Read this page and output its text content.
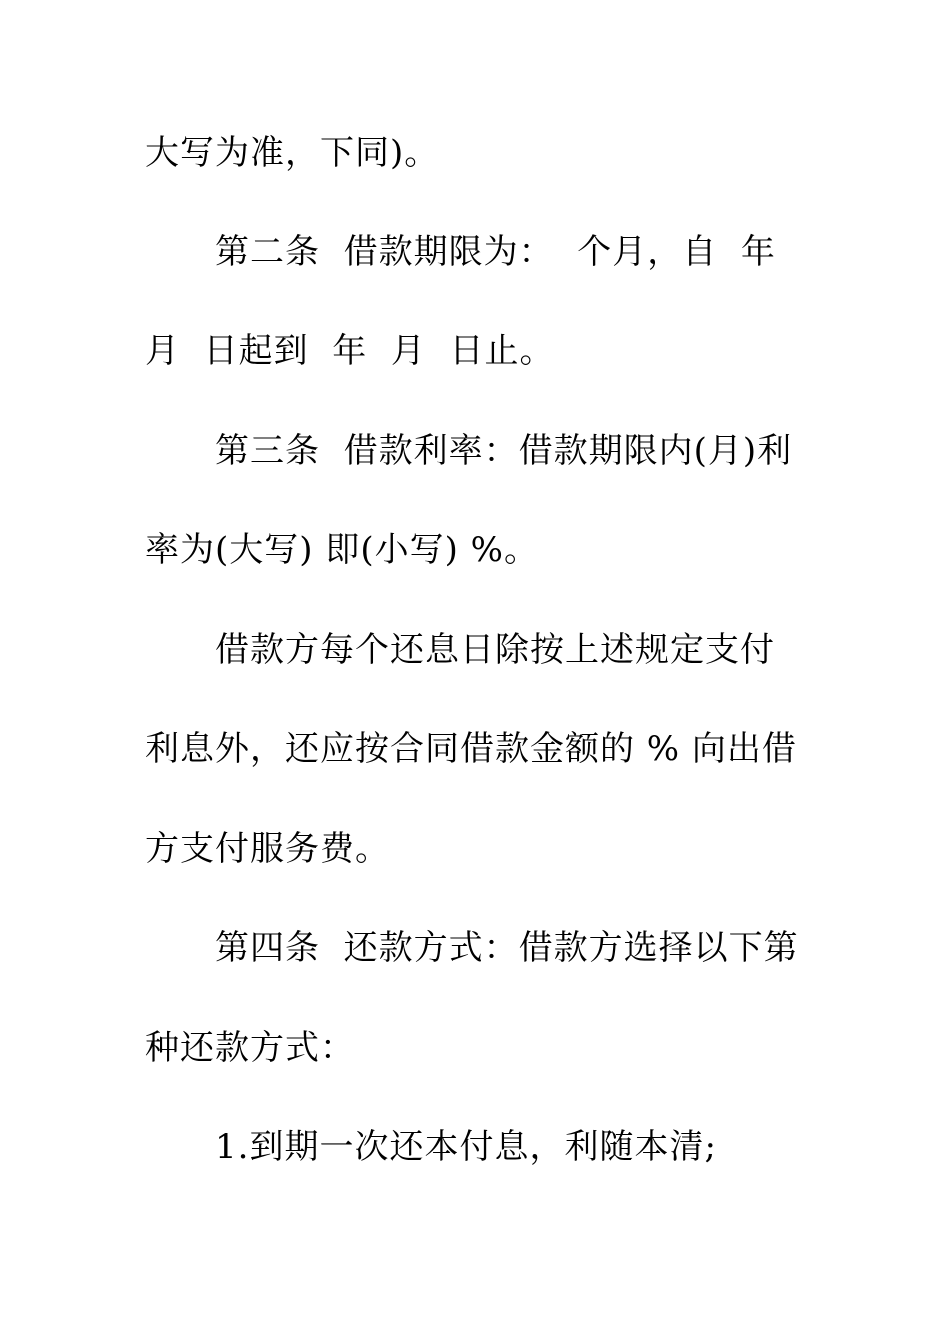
大写为准，下同)。
第二条  借款期限为：  个月，自  年
月  日起到  年  月  日止。
第三条  借款利率：借款期限内(月)利
率为(大写) 即(小写) %。
借款方每个还息日除按上述规定支付
利息外，还应按合同借款金额的 % 向出借
方支付服务费。
第四条  还款方式：借款方选择以下第
种还款方式：
1.到期一次还本付息，利随本清;
